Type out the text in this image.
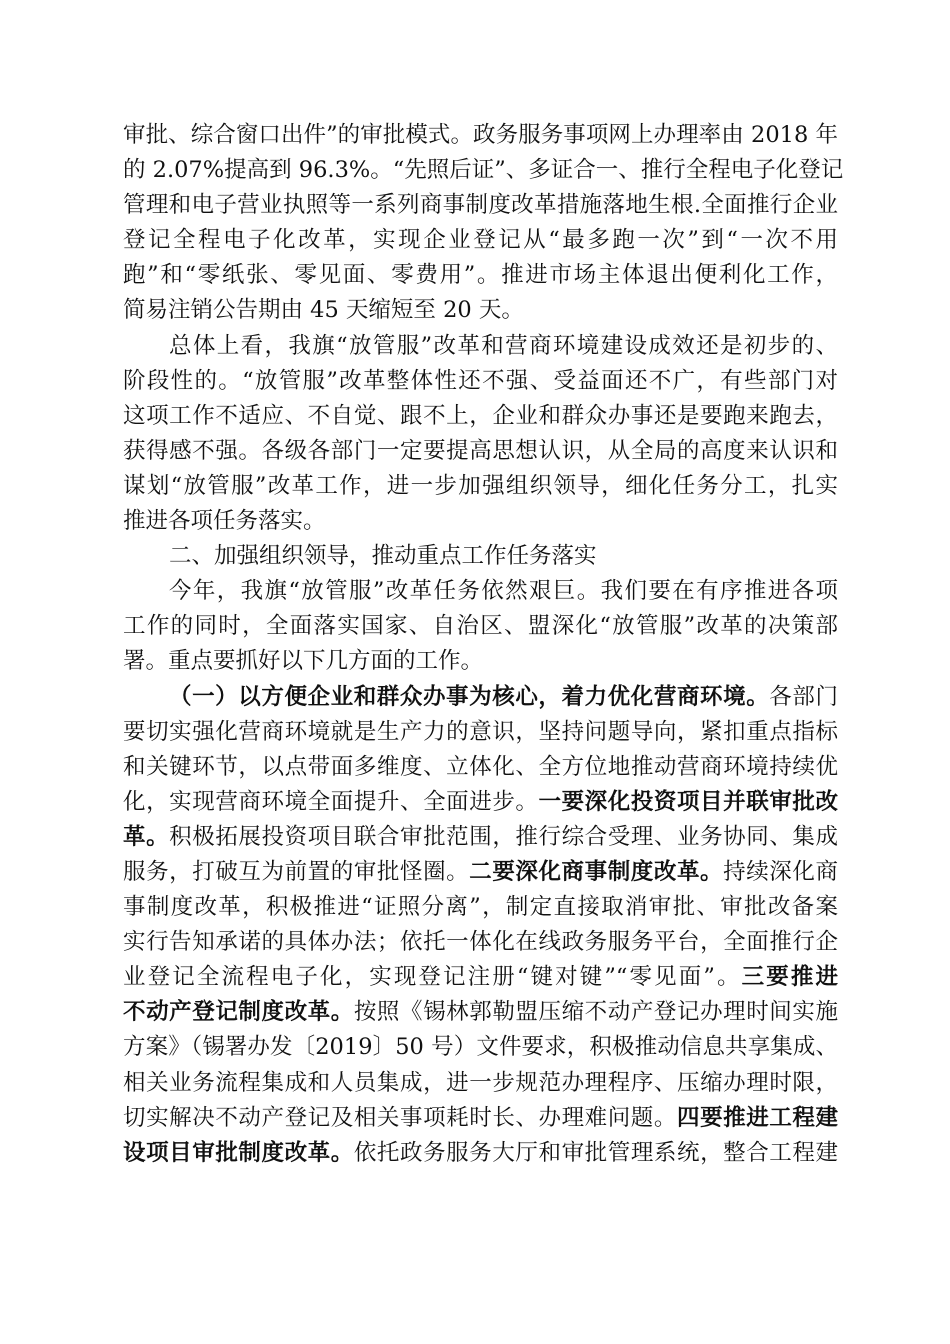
审批、综合窗口出件”的审批模式。政务服务事项网上办理率由 2018 年
的 2.07%提高到 96.3%。“先照后证”、多证合一、推行全程电子化登记
管理和电子营业执照等一系列商事制度改革措施落地生根.全面推行企业
登记全程电子化改革，实现企业登记从“最多跑一次”到“一次不用
跑”和“零纸张、零见面、零费用”。推进市场主体退出便利化工作，
简易注销公告期由 45 天缩短至 20 天。
总体上看，我旗“放管服”改革和营商环境建设成效还是初步的、
阶段性的。“放管服”改革整体性还不强、受益面还不广，有些部门对
这项工作不适应、不自觉、跟不上，企业和群众办事还是要跑来跑去，
获得感不强。各级各部门一定要提高思想认识，从全局的高度来认识和
谋划“放管服”改革工作，进一步加强组织领导，细化任务分工，扎实
推进各项任务落实。
二、加强组织领导，推动重点工作任务落实
今年，我旗“放管服”改革任务依然艰巨。我们要在有序推进各项
工作的同时，全面落实国家、自治区、盟深化“放管服”改革的决策部
署。重点要抓好以下几方面的工作。
（一）以方便企业和群众办事为核心，着力优化营商环境。各部门
要切实强化营商环境就是生产力的意识，坚持问题导向，紧扣重点指标
和关键环节，以点带面多维度、立体化、全方位地推动营商环境持续优
化，实现营商环境全面提升、全面进步。一要深化投资项目并联审批改
革。积极拓展投资项目联合审批范围，推行综合受理、业务协同、集成
服务，打破互为前置的审批怪圈。二要深化商事制度改革。持续深化商
事制度改革，积极推进“证照分离”，制定直接取消审批、审批改备案
实行告知承诺的具体办法；依托一体化在线政务服务平台，全面推行企
业登记全流程电子化，实现登记注册“键对键”“零见面”。三要推进
不动产登记制度改革。按照《锡林郭勒盟压缩不动产登记办理时间实施
方案》（锡署办发〔2019〕50 号）文件要求，积极推动信息共享集成、
相关业务流程集成和人员集成，进一步规范办理程序、压缩办理时限，
切实解决不动产登记及相关事项耗时长、办理难问题。四要推进工程建
设项目审批制度改革。依托政务服务大厅和审批管理系统，整合工程建
